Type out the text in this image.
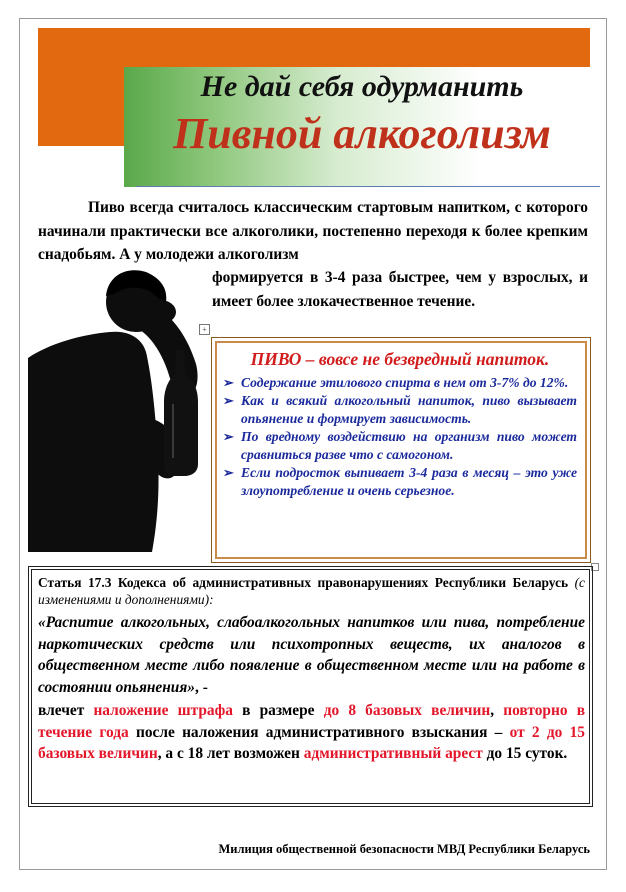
Не дай себя одурманить
Пивной алкоголизм
Пиво всегда считалось классическим стартовым напитком, с которого начинали практически все алкоголики, постепенно переходя к более крепким снадобьям. А у молодежи алкоголизм
формируется в 3-4 раза быстрее, чем у взрослых, и имеет более злокачественное течение.
+
ПИВО – вовсе не безвредный напиток.
➢ Содержание этилового спирта в нем от 3-7% до 12%.
➢ Как и всякий алкогольный напиток, пиво вызывает опьянение и формирует зависимость.
➢ По вредному воздействию на организм пиво может сравниться разве что с самогоном.
➢ Если подросток выпивает 3-4 раза в месяц – это уже злоупотребление и очень серьезное.
Статья 17.3 Кодекса об административных правонарушениях Республики Беларусь (с изменениями и дополнениями):
«Распитие алкогольных, слабоалкогольных напитков или пива, потребление наркотических средств или психотропных веществ, их аналогов в общественном месте либо появление в общественном месте или на работе в состоянии опьянения», -
влечет наложение штрафа в размере до 8 базовых величин, повторно в течение года после наложения административного взыскания – от 2 до 15 базовых величин, а с 18 лет возможен административный арест до 15 суток.
Милиция общественной безопасности МВД Республики Беларусь
